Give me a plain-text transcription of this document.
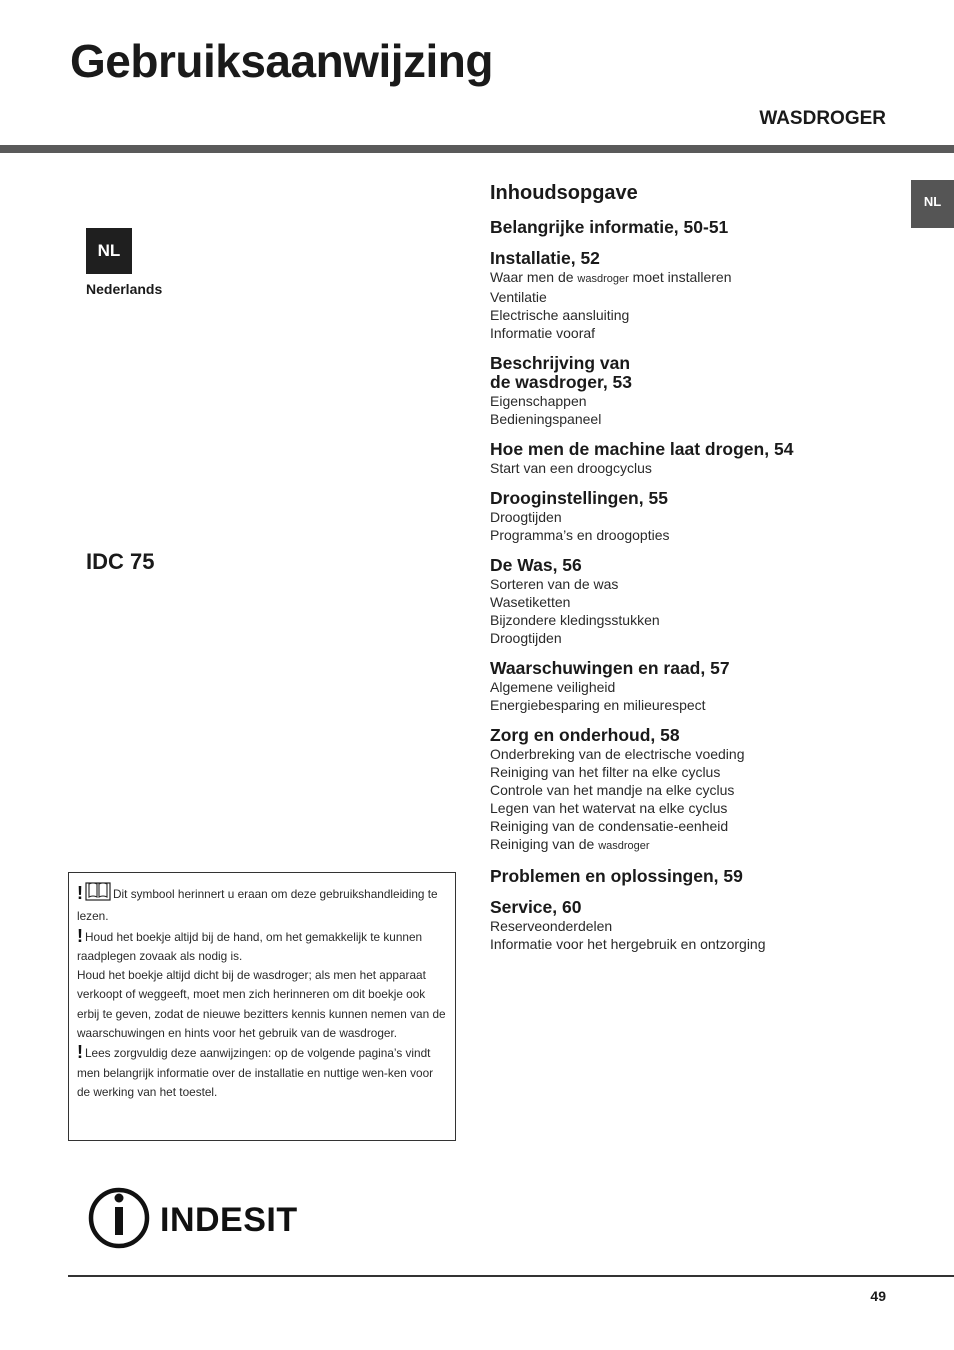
Gebruiksaanwijzing
WASDROGER
NL
NL
Nederlands
IDC 75
Inhoudsopgave
Belangrijke informatie, 50-51
Installatie, 52
Waar men de wasdroger moet installeren
Ventilatie
Electrische aansluiting
Informatie vooraf
Beschrijving van
de wasdroger, 53
Eigenschappen
Bedieningspaneel
Hoe men de machine laat drogen, 54
Start van een droogcyclus
Drooginstellingen, 55
Droogtijden
Programma’s en droogopties
De Was, 56
Sorteren van de was
Wasetiketten
Bijzondere kledingsstukken
Droogtijden
Waarschuwingen en raad, 57
Algemene veiligheid
Energiebesparing en milieurespect
Zorg en onderhoud, 58
Onderbreking van de electrische voeding
Reiniging van het filter na elke cyclus
Controle van het mandje na elke cyclus
Legen van het watervat na elke cyclus
Reiniging van de condensatie-eenheid
Reiniging van de wasdroger
Problemen en oplossingen, 59
Service, 60
Reserveonderdelen
Informatie voor het hergebruik en ontzorging

!	Dit symbool herinnert u eraan om deze gebruikshandleiding te lezen.

! Houd het boekje altijd bij de hand, om het gemakkelijk te kunnen raadplegen zovaak als nodig is.

Houd het boekje altijd dicht bij de wasdroger; als men het apparaat verkoopt of weggeeft, moet men zich herinneren om dit boekje ook erbij te geven, zodat de nieuwe bezitters kennis kunnen nemen van de waarschuwingen en hints voor het gebruik van de wasdroger.

! Lees zorgvuldig deze aanwijzingen: op de volgende pagina’s vindt men belangrijk informatie over de installatie en nuttige wen-ken voor de werking van het toestel.

INDESIT
49
